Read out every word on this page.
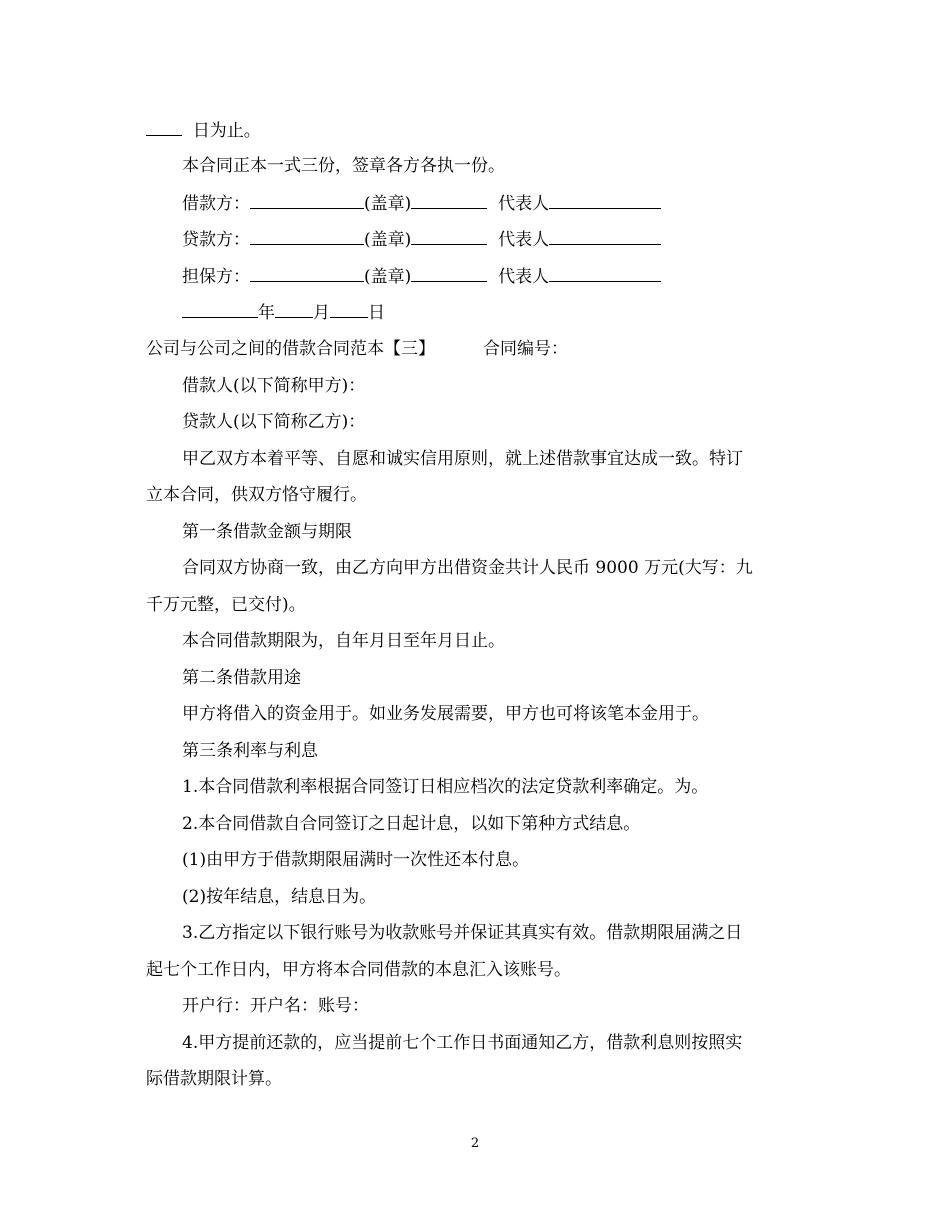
日为止。
本合同正本一式三份，签章各方各执一份。
借款方：	(盖章)	代表人
贷款方：	(盖章)	代表人
担保方：	(盖章)	代表人
年 月 日
公司与公司之间的借款合同范本【三】	合同编号：
借款人(以下简称甲方)：
贷款人(以下简称乙方)：
甲乙双方本着平等、自愿和诚实信用原则，就上述借款事宜达成一致。特订
立本合同，供双方恪守履行。
第一条借款金额与期限
合同双方协商一致，由乙方向甲方出借资金共计人民币 9000 万元(大写：九
千万元整，已交付)。
本合同借款期限为，自年月日至年月日止。
第二条借款用途
甲方将借入的资金用于。如业务发展需要，甲方也可将该笔本金用于。
第三条利率与利息
1.本合同借款利率根据合同签订日相应档次的法定贷款利率确定。为。
2.本合同借款自合同签订之日起计息，以如下第种方式结息。
(1)由甲方于借款期限届满时一次性还本付息。
(2)按年结息，结息日为。
3.乙方指定以下银行账号为收款账号并保证其真实有效。借款期限届满之日
起七个工作日内，甲方将本合同借款的本息汇入该账号。
开户行：开户名：账号：
4.甲方提前还款的，应当提前七个工作日书面通知乙方，借款利息则按照实
际借款期限计算。
2
